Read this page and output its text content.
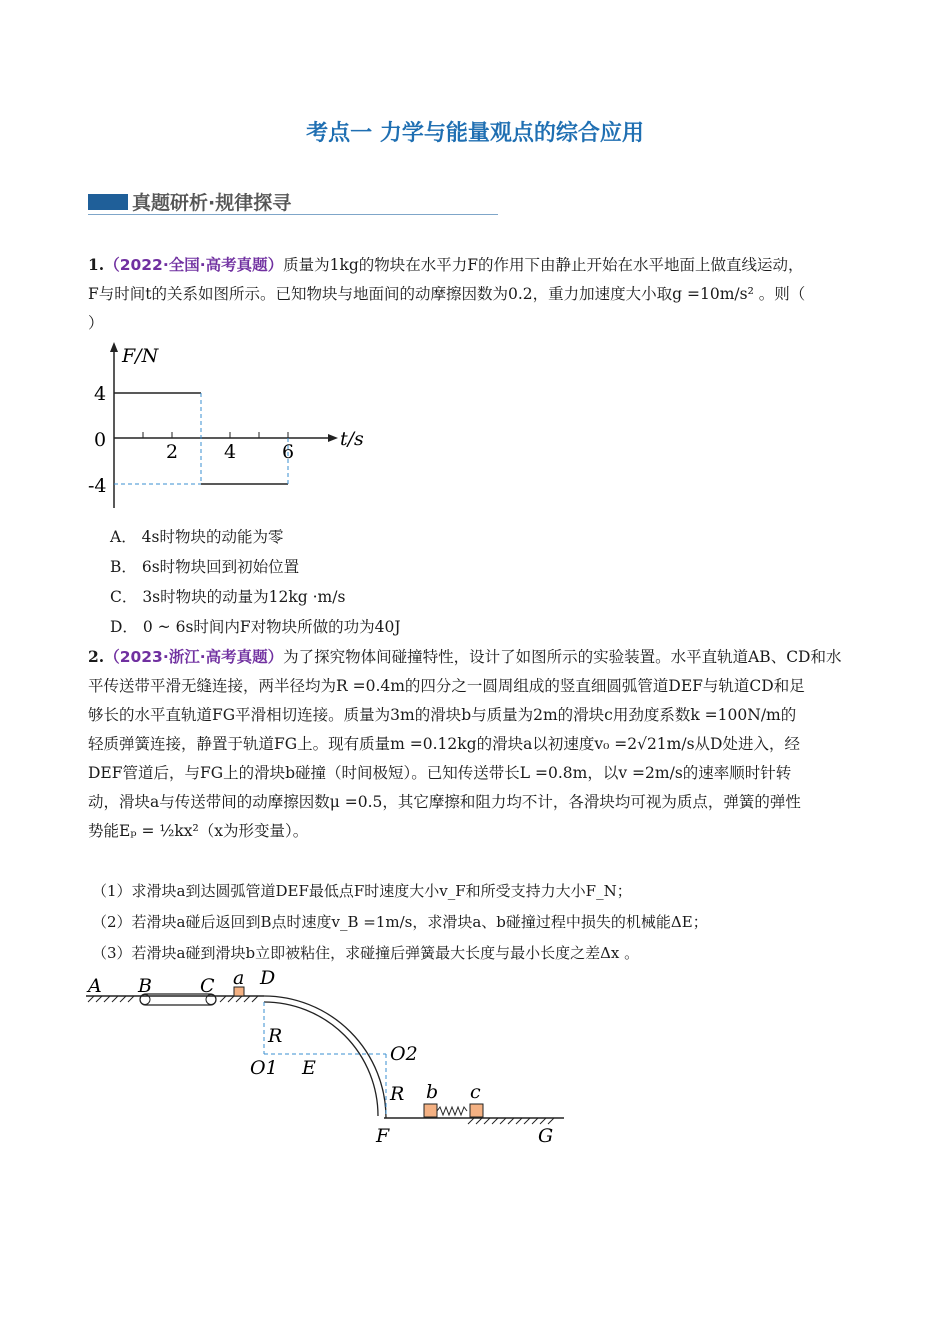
考点一 力学与能量观点的综合应用
真题研析·规律探寻
1.（2022·全国·高考真题）质量为1kg的物块在水平力F的作用下由静止开始在水平地面上做直线运动，
F与时间t的关系如图所示。已知物块与地面间的动摩擦因数为0.2，重力加速度大小取g =10m/s² 。则（
）
F/N
t/s
4
0
-4
2 4 6
A． 4s时物块的动能为零
B． 6s时物块回到初始位置
C． 3s时物块的动量为12kg ·m/s
D． 0 ~ 6s时间内F对物块所做的功为40J
2.（2023·浙江·高考真题）为了探究物体间碰撞特性，设计了如图所示的实验装置。水平直轨道AB、CD和水
平传送带平滑无缝连接，两半径均为R =0.4m的四分之一圆周组成的竖直细圆弧管道DEF与轨道CD和足
够长的水平直轨道FG平滑相切连接。质量为3m的滑块b与质量为2m的滑块c用劲度系数k =100N/m的
轻质弹簧连接，静置于轨道FG上。现有质量m =0.12kg的滑块a以初速度v₀ =2√21m/s从D处进入，经
DEF管道后，与FG上的滑块b碰撞（时间极短）。已知传送带长L =0.8m，以v =2m/s的速率顺时针转
动，滑块a与传送带间的动摩擦因数μ =0.5，其它摩擦和阻力均不计，各滑块均可视为质点，弹簧的弹性
势能Eₚ = ½kx²（x为形变量）。
（1）求滑块a到达圆弧管道DEF最低点F时速度大小v_F和所受支持力大小F_N；
（2）若滑块a碰后返回到B点时速度v_B =1m/s，求滑块a、b碰撞过程中损失的机械能ΔE；
（3）若滑块a碰到滑块b立即被粘住，求碰撞后弹簧最大长度与最小长度之差Δx 。
A B	C a D
R
O1 E
O2
R b c
F	G
